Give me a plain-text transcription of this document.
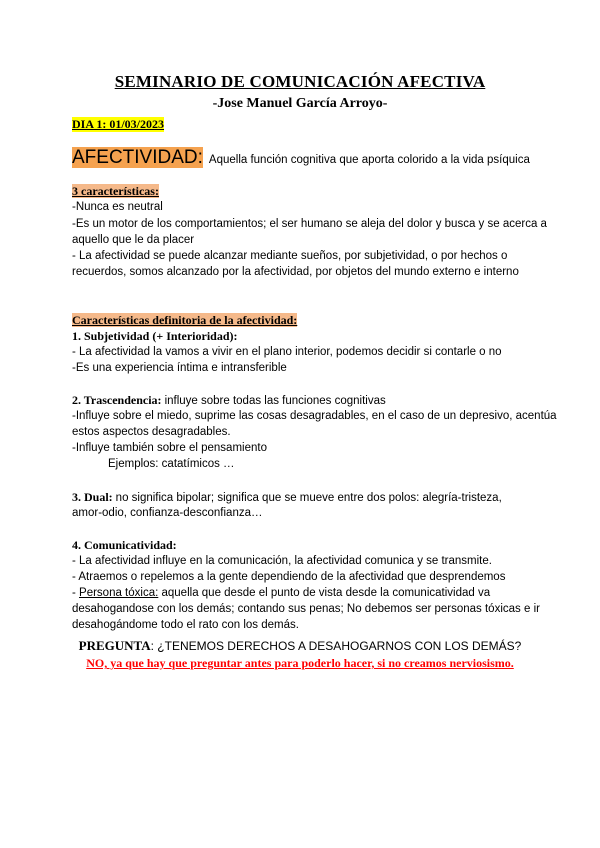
SEMINARIO DE COMUNICACIÓN AFECTIVA
-Jose Manuel García Arroyo-
DIA 1: 01/03/2023
AFECTIVIDAD: Aquella función cognitiva que aporta colorido a la vida psíquica
3 características:
-Nunca es neutral
-Es un motor de los comportamientos; el ser humano se aleja del dolor y busca y se acerca a
aquello que le da placer
- La afectividad se puede alcanzar mediante sueños, por subjetividad, o por hechos o
recuerdos, somos alcanzado por la afectividad, por objetos del mundo externo e interno
Características definitoria de la afectividad:
1. Subjetividad (+ Interioridad):
- La afectividad la vamos a vivir en el plano interior, podemos decidir si contarle o no
-Es una experiencia íntima e intransferible
2. Trascendencia: influye sobre todas las funciones cognitivas
-Influye sobre el miedo, suprime las cosas desagradables, en el caso de un depresivo, acentúa
estos aspectos desagradables.
-Influye también sobre el pensamiento
Ejemplos: catatímicos …
3. Dual: no significa bipolar; significa que se mueve entre dos polos: alegría-tristeza,
amor-odio, confianza-desconfianza…
4. Comunicatividad:
- La afectividad influye en la comunicación, la afectividad comunica y se transmite.
- Atraemos o repelemos a la gente dependiendo de la afectividad que desprendemos
- Persona tóxica: aquella que desde el punto de vista desde la comunicatividad va
desahogandose con los demás; contando sus penas; No debemos ser personas tóxicas e ir
desahogándome todo el rato con los demás.
PREGUNTA: ¿TENEMOS DERECHOS A DESAHOGARNOS CON LOS DEMÁS?
NO, ya que hay que preguntar antes para poderlo hacer, si no creamos nerviosismo.
